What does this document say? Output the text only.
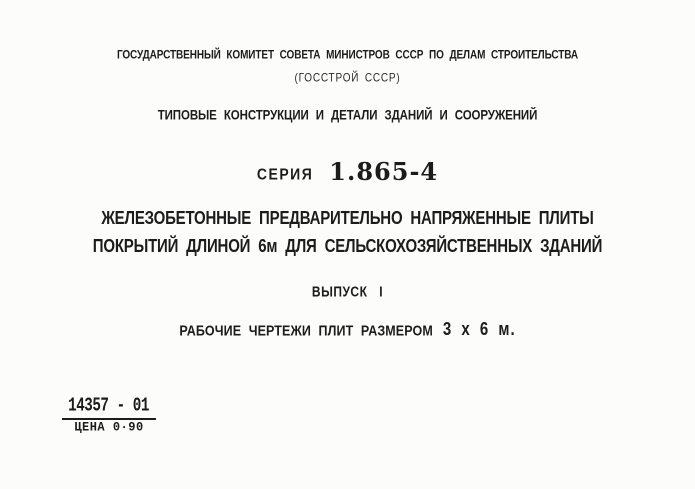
ГОСУДАРСТВЕННЫЙ КОМИТЕТ СОВЕТА МИНИСТРОВ СССР ПО ДЕЛАМ СТРОИТЕЛЬСТВА
(ГОССТРОЙ СССР)
ТИПОВЫЕ КОНСТРУКЦИИ И ДЕТАЛИ ЗДАНИЙ И СООРУЖЕНИЙ
СЕРИЯ 1.865-4
ЖЕЛЕЗОБЕТОННЫЕ ПРЕДВАРИТЕЛЬНО НАПРЯЖЕННЫЕ ПЛИТЫ
ПОКРЫТИЙ ДЛИНОЙ 6м ДЛЯ СЕЛЬСКОХОЗЯЙСТВЕННЫХ ЗДАНИЙ
ВЫПУСК I
РАБОЧИЕ ЧЕРТЕЖИ ПЛИТ РАЗМЕРОМ 3 х 6 м.
14357 - 01
ЦЕНА 0·90
